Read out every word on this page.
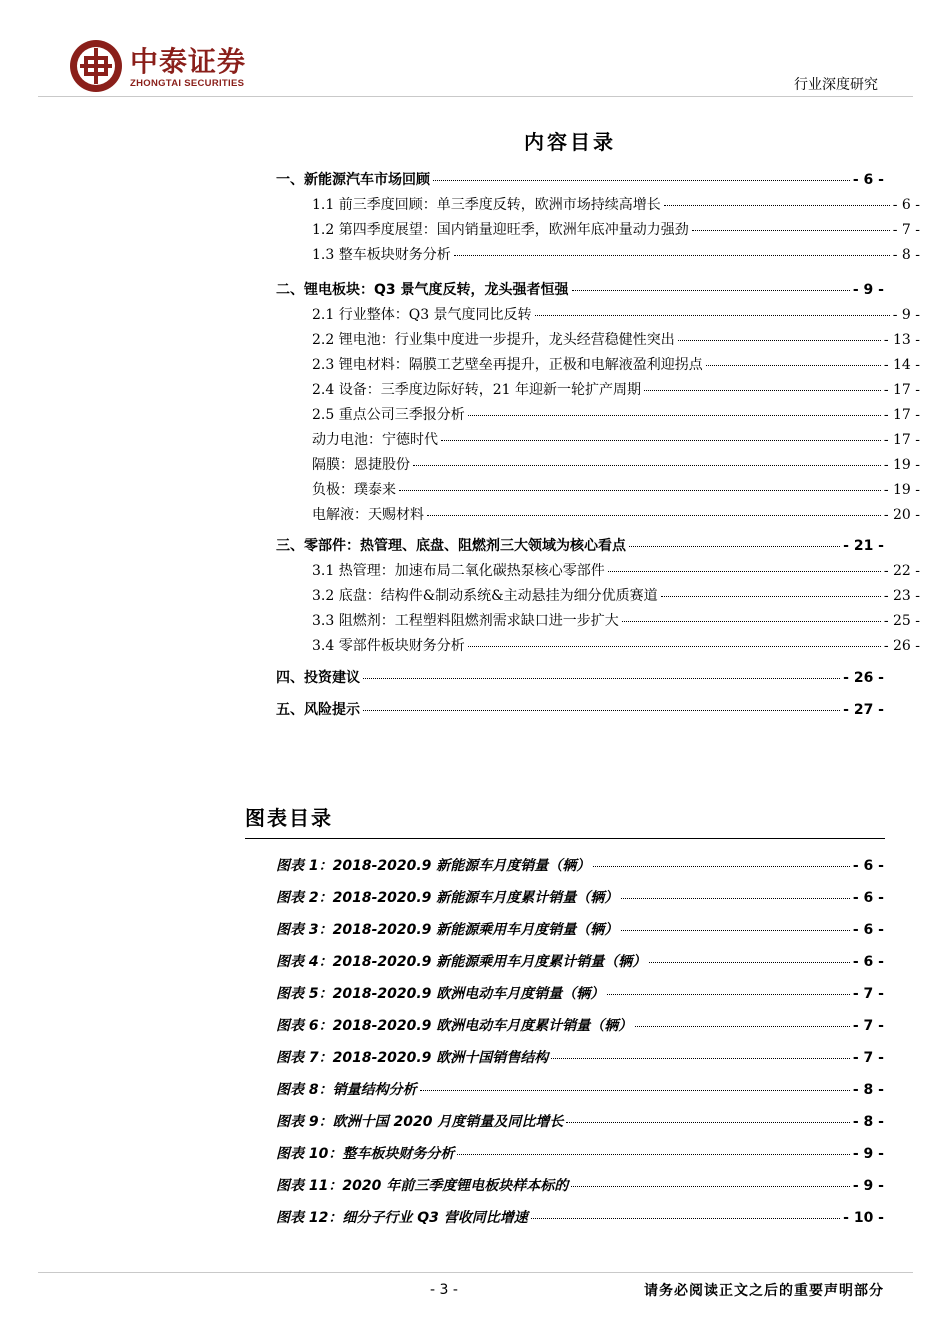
中泰证券
ZHONGTAI SECURITIES	行业深度研究
内容目录
一、新能源汽车市场回顾	- 6 -
1.1 前三季度回顾：单三季度反转，欧洲市场持续高增长	- 6 -
1.2 第四季度展望：国内销量迎旺季，欧洲年底冲量动力强劲	- 7 -
1.3 整车板块财务分析	- 8 -
二、锂电板块：Q3 景气度反转，龙头强者恒强	- 9 -
2.1 行业整体：Q3 景气度同比反转	- 9 -
2.2 锂电池：行业集中度进一步提升，龙头经营稳健性突出	- 13 -
2.3 锂电材料：隔膜工艺壁垒再提升，正极和电解液盈利迎拐点	- 14 -
2.4 设备：三季度边际好转，21 年迎新一轮扩产周期	- 17 -
2.5 重点公司三季报分析	- 17 -
动力电池：宁德时代	- 17 -
隔膜：恩捷股份	- 19 -
负极：璞泰来	- 19 -
电解液：天赐材料	- 20 -
三、零部件：热管理、底盘、阻燃剂三大领域为核心看点	- 21 -
3.1 热管理：加速布局二氧化碳热泵核心零部件	- 22 -
3.2 底盘：结构件&制动系统&主动悬挂为细分优质赛道	- 23 -
3.3 阻燃剂：工程塑料阻燃剂需求缺口进一步扩大	- 25 -
3.4 零部件板块财务分析	- 26 -
四、投资建议	- 26 -
五、风险提示	- 27 -
图表目录
图表 1：2018-2020.9 新能源车月度销量（辆）	- 6 -
图表 2：2018-2020.9 新能源车月度累计销量（辆）	- 6 -
图表 3：2018-2020.9 新能源乘用车月度销量（辆）	- 6 -
图表 4：2018-2020.9 新能源乘用车月度累计销量（辆）	- 6 -
图表 5：2018-2020.9 欧洲电动车月度销量（辆）	- 7 -
图表 6：2018-2020.9 欧洲电动车月度累计销量（辆）	- 7 -
图表 7：2018-2020.9 欧洲十国销售结构	- 7 -
图表 8：销量结构分析	- 8 -
图表 9：欧洲十国 2020 月度销量及同比增长	- 8 -
图表 10：整车板块财务分析	- 9 -
图表 11：2020 年前三季度锂电板块样本标的	- 9 -
图表 12：细分子行业 Q3 营收同比增速	- 10 -
- 3 -	请务必阅读正文之后的重要声明部分
